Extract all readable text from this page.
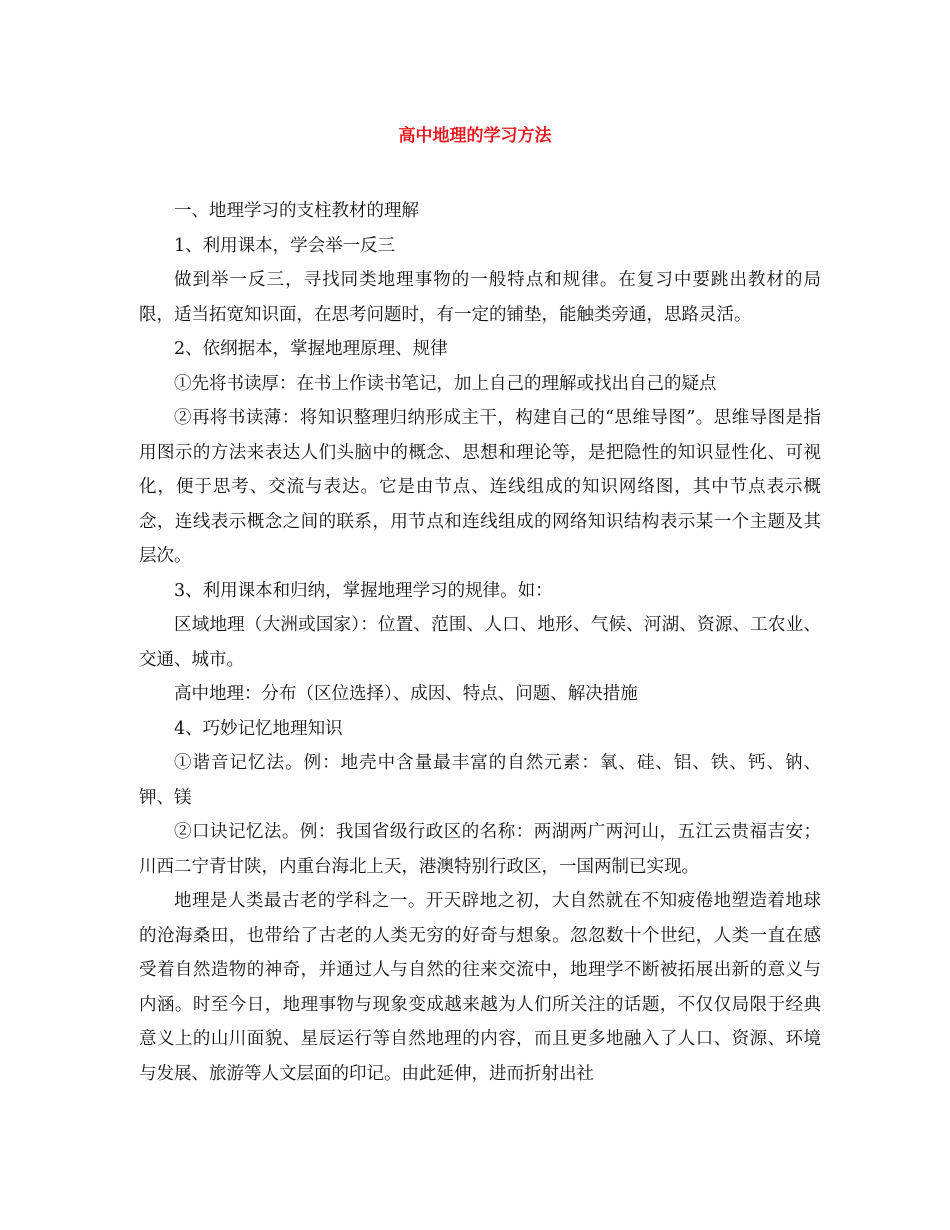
高中地理的学习方法

一、地理学习的支柱教材的理解

1、利用课本，学会举一反三

做到举一反三，寻找同类地理事物的一般特点和规律。在复习中要跳出教材的局限，适当拓宽知识面，在思考问题时，有一定的铺垫，能触类旁通，思路灵活。

2、依纲据本，掌握地理原理、规律

①先将书读厚：在书上作读书笔记，加上自己的理解或找出自己的疑点

②再将书读薄：将知识整理归纳形成主干，构建自己的“思维导图”。思维导图是指用图示的方法来表达人们头脑中的概念、思想和理论等，是把隐性的知识显性化、可视化，便于思考、交流与表达。它是由节点、连线组成的知识网络图，其中节点表示概念，连线表示概念之间的联系，用节点和连线组成的网络知识结构表示某一个主题及其层次。

3、利用课本和归纳，掌握地理学习的规律。如：

区域地理（大洲或国家）：位置、范围、人口、地形、气候、河湖、资源、工农业、交通、城市。

高中地理：分布（区位选择）、成因、特点、问题、解决措施

4、巧妙记忆地理知识

①谐音记忆法。例：地壳中含量最丰富的自然元素：氧、硅、铝、铁、钙、钠、钾、镁

②口诀记忆法。例：我国省级行政区的名称：两湖两广两河山，五江云贵福吉安；川西二宁青甘陕，内重台海北上天，港澳特别行政区，一国两制已实现。

地理是人类最古老的学科之一。开天辟地之初，大自然就在不知疲倦地塑造着地球的沧海桑田，也带给了古老的人类无穷的好奇与想象。忽忽数十个世纪，人类一直在感受着自然造物的神奇，并通过人与自然的往来交流中，地理学不断被拓展出新的意义与内涵。时至今日，地理事物与现象变成越来越为人们所关注的话题，不仅仅局限于经典意义上的山川面貌、星辰运行等自然地理的内容，而且更多地融入了人口、资源、环境与发展、旅游等人文层面的印记。由此延伸，进而折射出社
